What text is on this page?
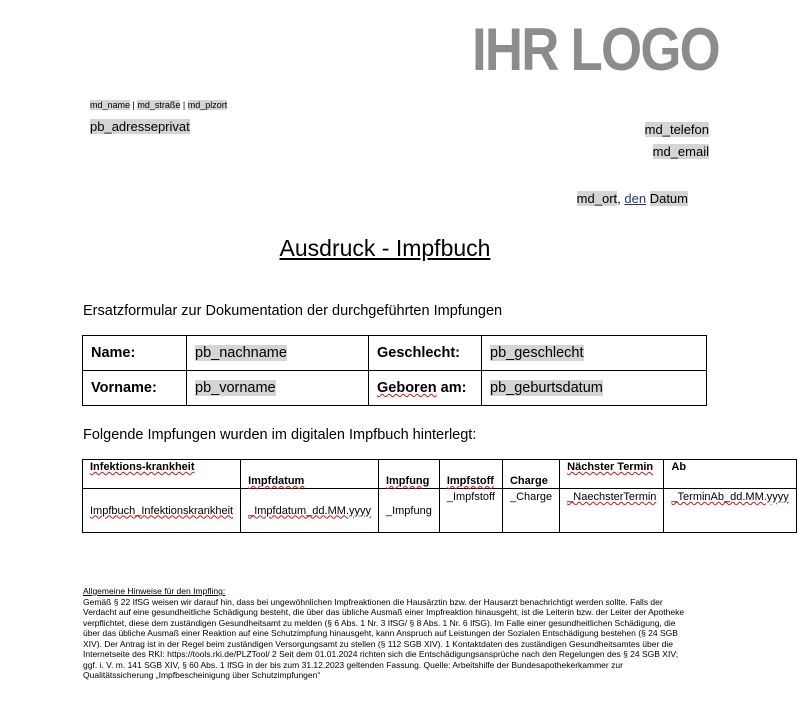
IHR LOGO
md_name | md_straße | md_plzort
pb_adresseprivat	md_telefon
md_email
md_ort, den Datum
Ausdruck - Impfbuch
Ersatzformular zur Dokumentation der durchgeführten Impfungen
Name:	pb_nachname	Geschlecht:	pb_geschlecht
Vorname:	pb_vorname	Geboren am:	pb_geburtsdatum
Folgende Impfungen wurden im digitalen Impfbuch hinterlegt:
Infektions-krankheit	Impfdatum	Impfung	Impfstoff	Charge	Nächster Termin	Ab
Impfbuch_Infektionskrankheit	_Impfdatum_dd.MM.yyyy	_Impfung	_Impfstoff	_Charge	_NaechsterTermin	_TerminAb_dd.MM.yyyy
Allgemeine Hinweise für den Impfling:
Gemäß § 22 IfSG weisen wir darauf hin, dass bei ungewöhnlichen Impfreaktionen die Hausärztin bzw. der Hausarzt benachrichtigt werden sollte. Falls der Verdacht auf eine gesundheitliche Schädigung besteht, die über das übliche Ausmaß einer Impfreaktion hinausgeht, ist die Leiterin bzw. der Leiter der Apotheke verpflichtet, diese dem zuständigen Gesundheitsamt zu melden (§ 6 Abs. 1 Nr. 3 IfSG/ § 8 Abs. 1 Nr. 6 IfSG). Im Falle einer gesundheitlichen Schädigung, die über das übliche Ausmaß einer Reaktion auf eine Schutzimpfung hinausgeht, kann Anspruch auf Leistungen der Sozialen Entschädigung bestehen (§ 24 SGB XIV). Der Antrag ist in der Regel beim zuständigen Versorgungsamt zu stellen (§ 112 SGB XIV). 1 Kontaktdaten des zuständigen Gesundheitsamtes über die Internetseite des RKI: https://tools.rki.de/PLZTool/ 2 Seit dem 01.01.2024 richten sich die Entschädigungsansprüche nach den Regelungen des § 24 SGB XIV; ggf. i. V. m. 141 SGB XIV, § 60 Abs. 1 IfSG in der bis zum 31.12.2023 geltenden Fassung. Quelle: Arbeitshilfe der Bundesapothekerkammer zur Qualitätssicherung „Impfbescheinigung über Schutzimpfungen“
